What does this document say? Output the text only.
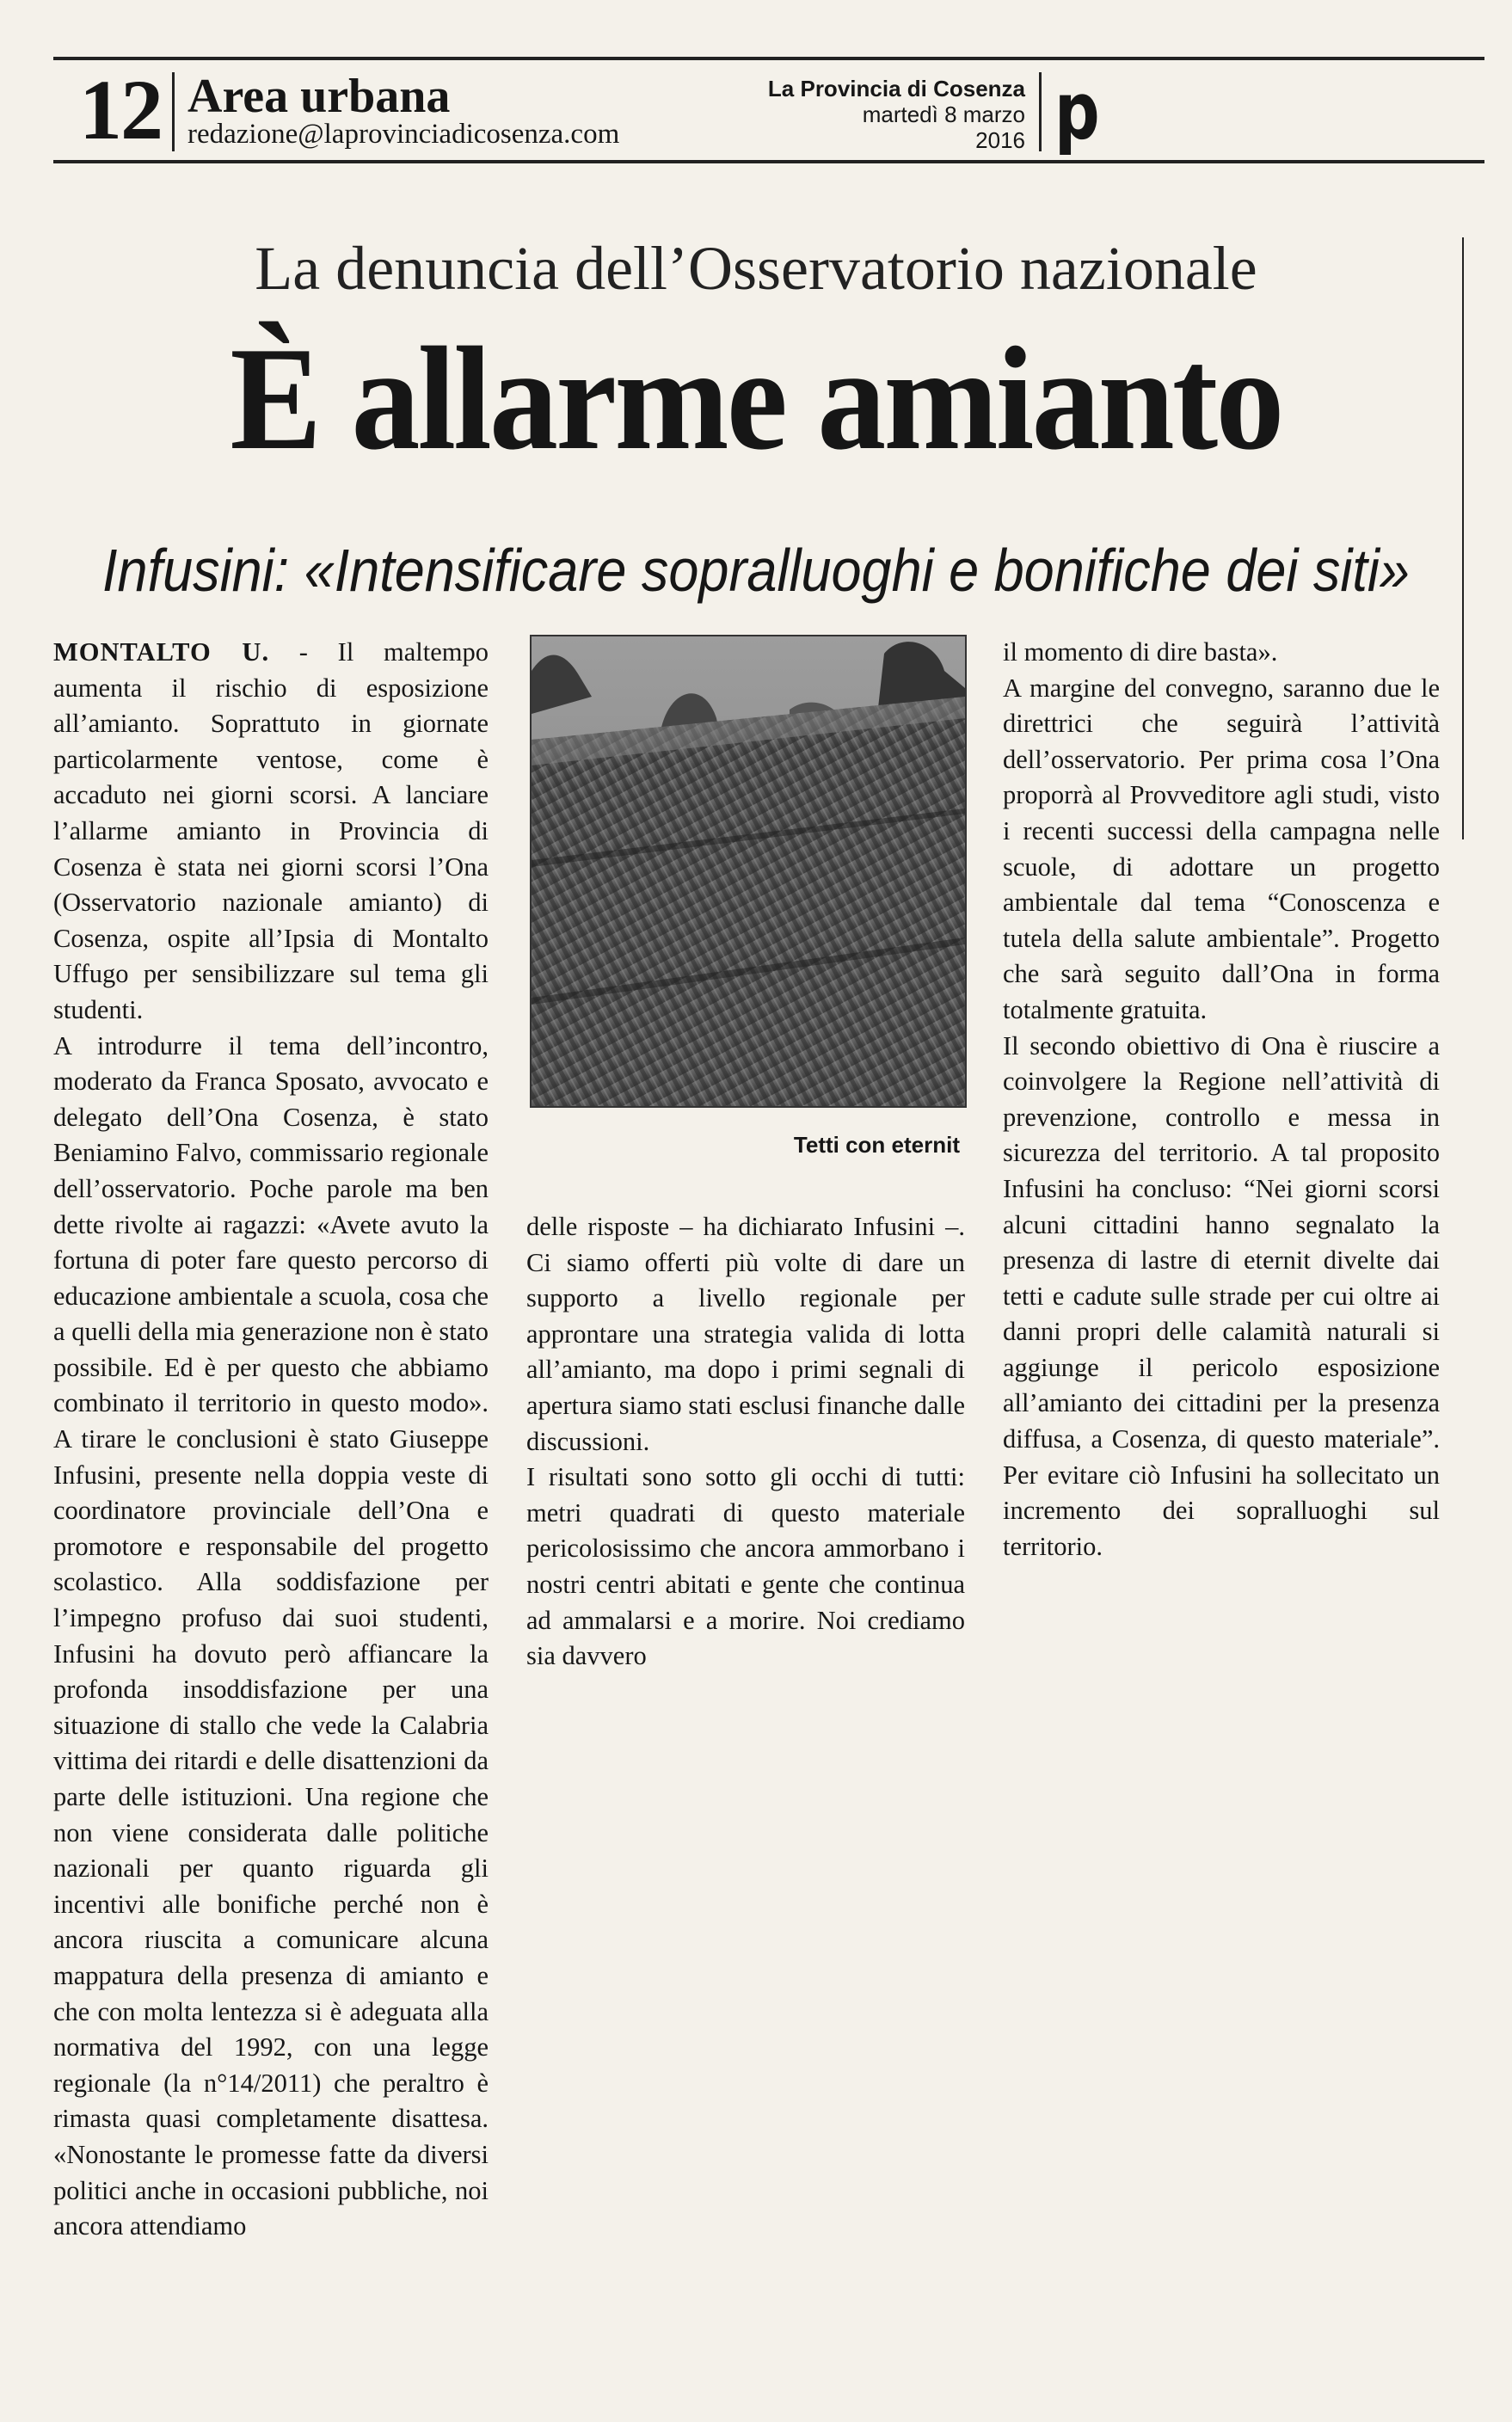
12 Area urbana
redazione@laprovinciadicosenza.com
La Provincia di Cosenza
martedì 8 marzo
2016 p
La denuncia dell’Osservatorio nazionale
È allarme amianto
Infusini: «Intensificare sopralluoghi e bonifiche dei siti»

MONTALTO U. - Il maltempo aumenta il rischio di esposizione all’amianto. Soprattuto in giornate particolarmente ventose, come è accaduto nei giorni scorsi. A lanciare l’allarme amianto in Provincia di Cosenza è stata nei giorni scorsi l’Ona (Osservatorio nazionale amianto) di Cosenza, ospite all’Ipsia di Montalto Uffugo per sensibilizzare sul tema gli studenti.

A introdurre il tema dell’incontro, moderato da Franca Sposato, avvocato e delegato dell’Ona Cosenza, è stato Beniamino Falvo, commissario regionale dell’osservatorio. Poche parole ma ben dette rivolte ai ragazzi: «Avete avuto la fortuna di poter fare questo percorso di educazione ambientale a scuola, cosa che a quelli della mia generazione non è stato possibile. Ed è per questo che abbiamo combinato il territorio in questo modo». A tirare le conclusioni è stato Giuseppe Infusini, presente nella doppia veste di coordinatore provinciale dell’Ona e promotore e responsabile del progetto scolastico. Alla soddisfazione per l’impegno profuso dai suoi studenti, Infusini ha dovuto però affiancare la profonda insoddisfazione per una situazione di stallo che vede la Calabria vittima dei ritardi e delle disattenzioni da parte delle istituzioni. Una regione che non viene considerata dalle politiche nazionali per quanto riguarda gli incentivi alle bonifiche perché non è ancora riuscita a comunicare alcuna mappatura della presenza di amianto e che con molta lentezza si è adeguata alla normativa del 1992, con una legge regionale (la n°14/2011) che peraltro è rimasta quasi completamente disattesa. «Nonostante le promesse fatte da diversi politici anche in occasioni pubbliche, noi ancora attendiamo

Tetti con eternit

delle risposte – ha dichiarato Infusini –. Ci siamo offerti più volte di dare un supporto a livello regionale per approntare una strategia valida di lotta all’amianto, ma dopo i primi segnali di apertura siamo stati esclusi finanche dalle discussioni.

I risultati sono sotto gli occhi di tutti: metri quadrati di questo materiale pericolosissimo che ancora ammorbano i nostri centri abitati e gente che continua ad ammalarsi e a morire. Noi crediamo sia davvero

il momento di dire basta».

A margine del convegno, saranno due le direttrici che seguirà l’attività dell’osservatorio. Per prima cosa l’Ona proporrà al Provveditore agli studi, visto i recenti successi della campagna nelle scuole, di adottare un progetto ambientale dal tema “Conoscenza e tutela della salute ambientale”. Progetto che sarà seguito dall’Ona in forma totalmente gratuita.

Il secondo obiettivo di Ona è riuscire a coinvolgere la Regione nell’attività di prevenzione, controllo e messa in sicurezza del territorio. A tal proposito Infusini ha concluso: “Nei giorni scorsi alcuni cittadini hanno segnalato la presenza di lastre di eternit divelte dai tetti e cadute sulle strade per cui oltre ai danni propri delle calamità naturali si aggiunge il pericolo esposizione all’amianto dei cittadini per la presenza diffusa, a Cosenza, di questo materiale”. Per evitare ciò Infusini ha sollecitato un incremento dei sopralluoghi sul territorio.
